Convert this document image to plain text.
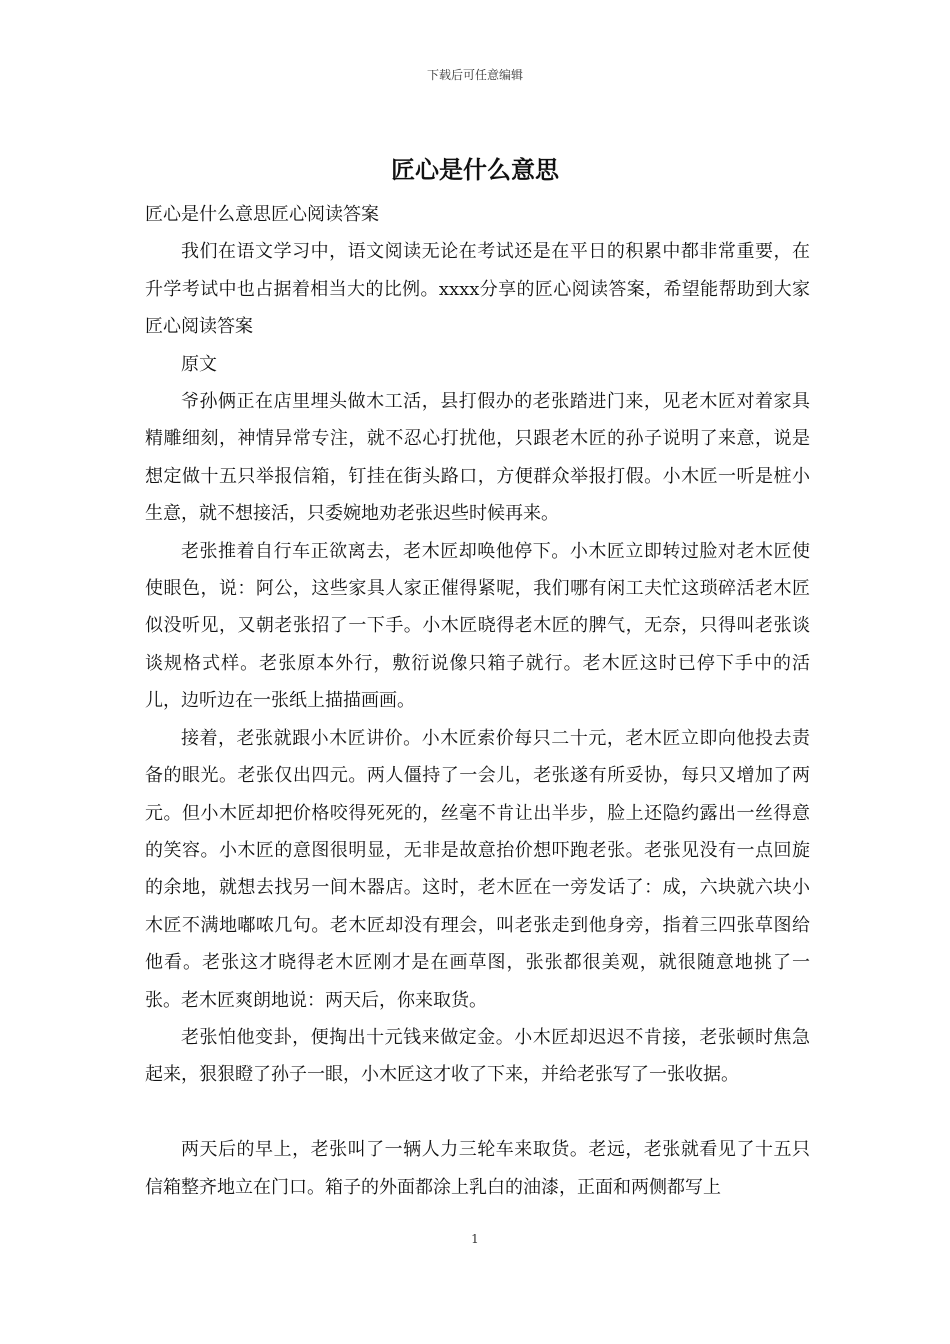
下载后可任意编辑
匠心是什么意思

匠心是什么意思匠心阅读答案

我们在语文学习中，语文阅读无论在考试还是在平日的积累中都非常重要，在升学考试中也占据着相当大的比例。xxxx分享的匠心阅读答案，希望能帮助到大家匠心阅读答案

原文

爷孙俩正在店里埋头做木工活，县打假办的老张踏进门来，见老木匠对着家具精雕细刻，神情异常专注，就不忍心打扰他，只跟老木匠的孙子说明了来意，说是想定做十五只举报信箱，钉挂在街头路口，方便群众举报打假。小木匠一听是桩小生意，就不想接活，只委婉地劝老张迟些时候再来。

老张推着自行车正欲离去，老木匠却唤他停下。小木匠立即转过脸对老木匠使使眼色，说：阿公，这些家具人家正催得紧呢，我们哪有闲工夫忙这琐碎活老木匠似没听见，又朝老张招了一下手。小木匠晓得老木匠的脾气，无奈，只得叫老张谈谈规格式样。老张原本外行，敷衍说像只箱子就行。老木匠这时已停下手中的活儿，边听边在一张纸上描描画画。

接着，老张就跟小木匠讲价。小木匠索价每只二十元，老木匠立即向他投去责备的眼光。老张仅出四元。两人僵持了一会儿，老张遂有所妥协，每只又增加了两元。但小木匠却把价格咬得死死的，丝毫不肯让出半步，脸上还隐约露出一丝得意的笑容。小木匠的意图很明显，无非是故意抬价想吓跑老张。老张见没有一点回旋的余地，就想去找另一间木器店。这时，老木匠在一旁发话了：成，六块就六块小木匠不满地嘟哝几句。老木匠却没有理会，叫老张走到他身旁，指着三四张草图给他看。老张这才晓得老木匠刚才是在画草图，张张都很美观，就很随意地挑了一张。老木匠爽朗地说：两天后，你来取货。

老张怕他变卦，便掏出十元钱来做定金。小木匠却迟迟不肯接，老张顿时焦急起来，狠狠瞪了孙子一眼，小木匠这才收了下来，并给老张写了一张收据。

两天后的早上，老张叫了一辆人力三轮车来取货。老远，老张就看见了十五只信箱整齐地立在门口。箱子的外面都涂上乳白的油漆，正面和两侧都写上

1
